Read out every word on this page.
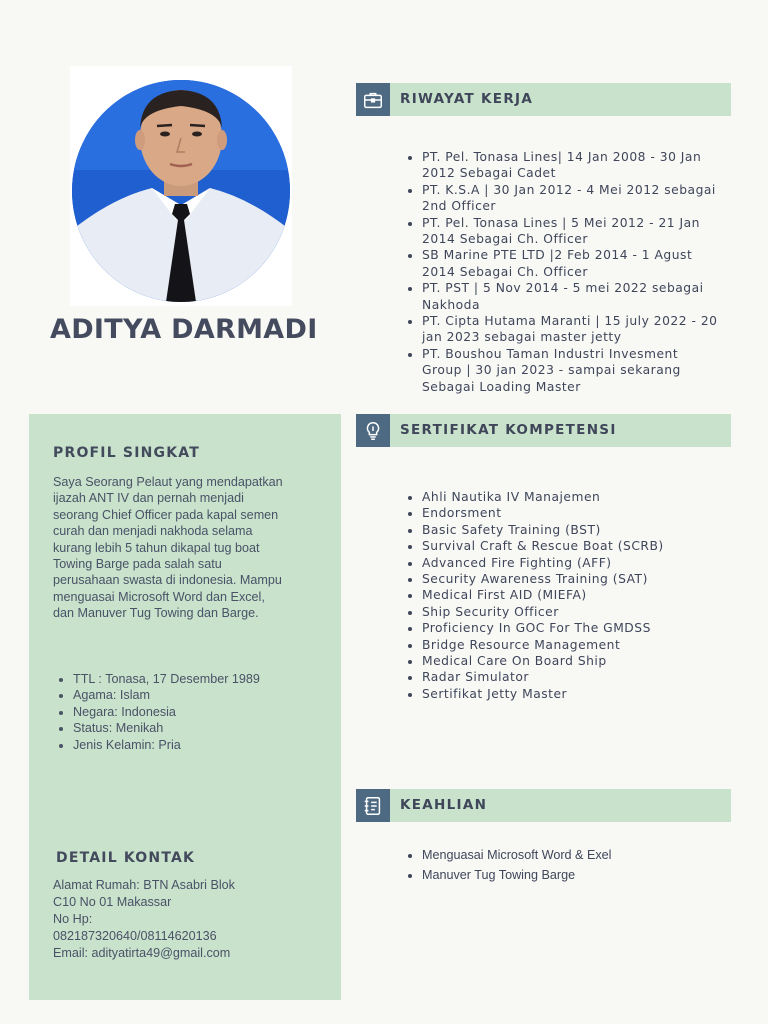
ADITYA DARMADI
PROFIL SINGKAT

Saya Seorang Pelaut yang mendapatkan ijazah ANT IV dan pernah menjadi seorang Chief Officer pada kapal semen curah dan menjadi nakhoda selama kurang lebih 5 tahun dikapal tug boat Towing Barge pada salah satu perusahaan swasta di indonesia. Mampu menguasai Microsoft Word dan Excel, dan Manuver Tug Towing dan Barge.

• TTL : Tonasa, 17 Desember 1989
• Agama: Islam
• Negara: Indonesia
• Status: Menikah
• Jenis Kelamin: Pria
DETAIL KONTAK
Alamat Rumah: BTN Asabri Blok
C10 No 01 Makassar
No Hp:
082187320640/08114620136
Email: adityatirta49@gmail.com
RIWAYAT KERJA
• PT. Pel. Tonasa Lines| 14 Jan 2008 - 30 Jan 2012 Sebagai Cadet
• PT. K.S.A | 30 Jan 2012 - 4 Mei 2012 sebagai 2nd Officer
• PT. Pel. Tonasa Lines | 5 Mei 2012 - 21 Jan 2014 Sebagai Ch. Officer
• SB Marine PTE LTD |2 Feb 2014 - 1 Agust 2014 Sebagai Ch. Officer
• PT. PST | 5 Nov 2014 - 5 mei 2022 sebagai Nakhoda
• PT. Cipta Hutama Maranti | 15 july 2022 - 20 jan 2023 sebagai master jetty
• PT. Boushou Taman Industri Invesment Group | 30 jan 2023 - sampai sekarang Sebagai Loading Master
SERTIFIKAT KOMPETENSI
• Ahli Nautika IV Manajemen
• Endorsment
• Basic Safety Training (BST)
• Survival Craft & Rescue Boat (SCRB)
• Advanced Fire Fighting (AFF)
• Security Awareness Training (SAT)
• Medical First AID (MIEFA)
• Ship Security Officer
• Proficiency In GOC For The GMDSS
• Bridge Resource Management
• Medical Care On Board Ship
• Radar Simulator
• Sertifikat Jetty Master
KEAHLIAN
• Menguasai Microsoft Word & Exel
• Manuver Tug Towing Barge
